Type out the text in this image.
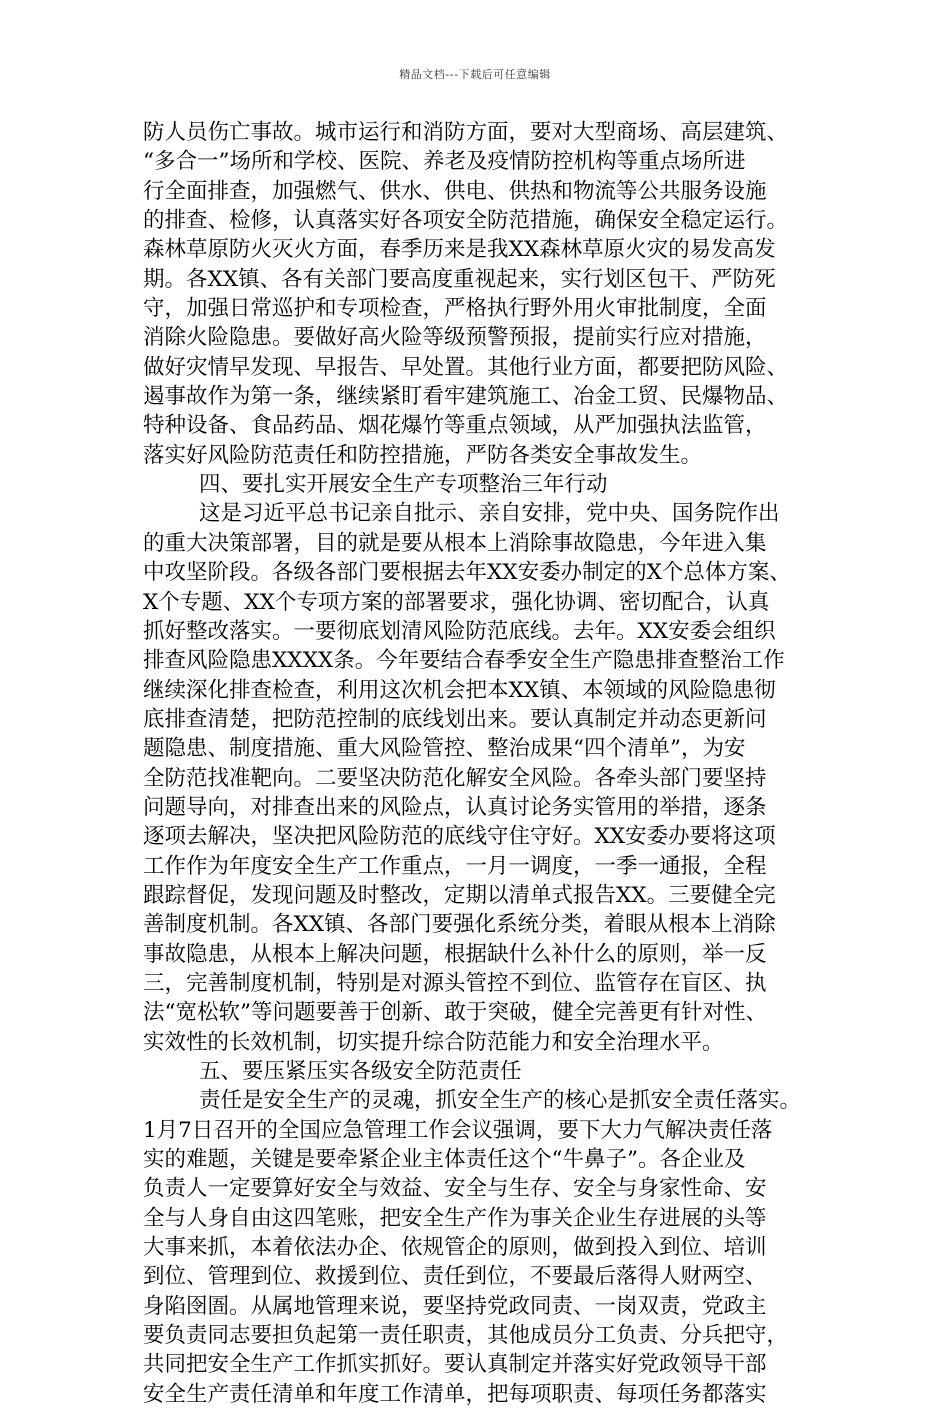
精品文档---下载后可任意编辑
防人员伤亡事故。城市运行和消防方面，要对大型商场、高层建筑、
“多合一”场所和学校、医院、养老及疫情防控机构等重点场所进
行全面排查，加强燃气、供水、供电、供热和物流等公共服务设施
的排查、检修，认真落实好各项安全防范措施，确保安全稳定运行。
森林草原防火灭火方面，春季历来是我XX森林草原火灾的易发高发
期。各XX镇、各有关部门要高度重视起来，实行划区包干、严防死
守，加强日常巡护和专项检查，严格执行野外用火审批制度，全面
消除火险隐患。要做好高火险等级预警预报，提前实行应对措施，
做好灾情早发现、早报告、早处置。其他行业方面，都要把防风险、
遏事故作为第一条，继续紧盯看牢建筑施工、冶金工贸、民爆物品、
特种设备、食品药品、烟花爆竹等重点领域，从严加强执法监管，
落实好风险防范责任和防控措施，严防各类安全事故发生。
四、要扎实开展安全生产专项整治三年行动
这是习近平总书记亲自批示、亲自安排，党中央、国务院作出
的重大决策部署，目的就是要从根本上消除事故隐患，今年进入集
中攻坚阶段。各级各部门要根据去年XX安委办制定的X个总体方案、
X个专题、XX个专项方案的部署要求，强化协调、密切配合，认真
抓好整改落实。一要彻底划清风险防范底线。去年。XX安委会组织
排查风险隐患XXXX条。今年要结合春季安全生产隐患排查整治工作
继续深化排查检查，利用这次机会把本XX镇、本领域的风险隐患彻
底排查清楚，把防范控制的底线划出来。要认真制定并动态更新问
题隐患、制度措施、重大风险管控、整治成果“四个清单”，为安
全防范找准靶向。二要坚决防范化解安全风险。各牵头部门要坚持
问题导向，对排查出来的风险点，认真讨论务实管用的举措，逐条
逐项去解决，坚决把风险防范的底线守住守好。XX安委办要将这项
工作作为年度安全生产工作重点，一月一调度，一季一通报，全程
跟踪督促，发现问题及时整改，定期以清单式报告XX。三要健全完
善制度机制。各XX镇、各部门要强化系统分类，着眼从根本上消除
事故隐患，从根本上解决问题，根据缺什么补什么的原则，举一反
三，完善制度机制，特别是对源头管控不到位、监管存在盲区、执
法“宽松软”等问题要善于创新、敢于突破，健全完善更有针对性、
实效性的长效机制，切实提升综合防范能力和安全治理水平。
五、要压紧压实各级安全防范责任
责任是安全生产的灵魂，抓安全生产的核心是抓安全责任落实。
1月7日召开的全国应急管理工作会议强调，要下大力气解决责任落
实的难题，关键是要牵紧企业主体责任这个“牛鼻子”。各企业及
负责人一定要算好安全与效益、安全与生存、安全与身家性命、安
全与人身自由这四笔账，把安全生产作为事关企业生存进展的头等
大事来抓，本着依法办企、依规管企的原则，做到投入到位、培训
到位、管理到位、救援到位、责任到位，不要最后落得人财两空、
身陷囹圄。从属地管理来说，要坚持党政同责、一岗双责，党政主
要负责同志要担负起第一责任职责，其他成员分工负责、分兵把守，
共同把安全生产工作抓实抓好。要认真制定并落实好党政领导干部
安全生产责任清单和年度工作清单，把每项职责、每项任务都落实
